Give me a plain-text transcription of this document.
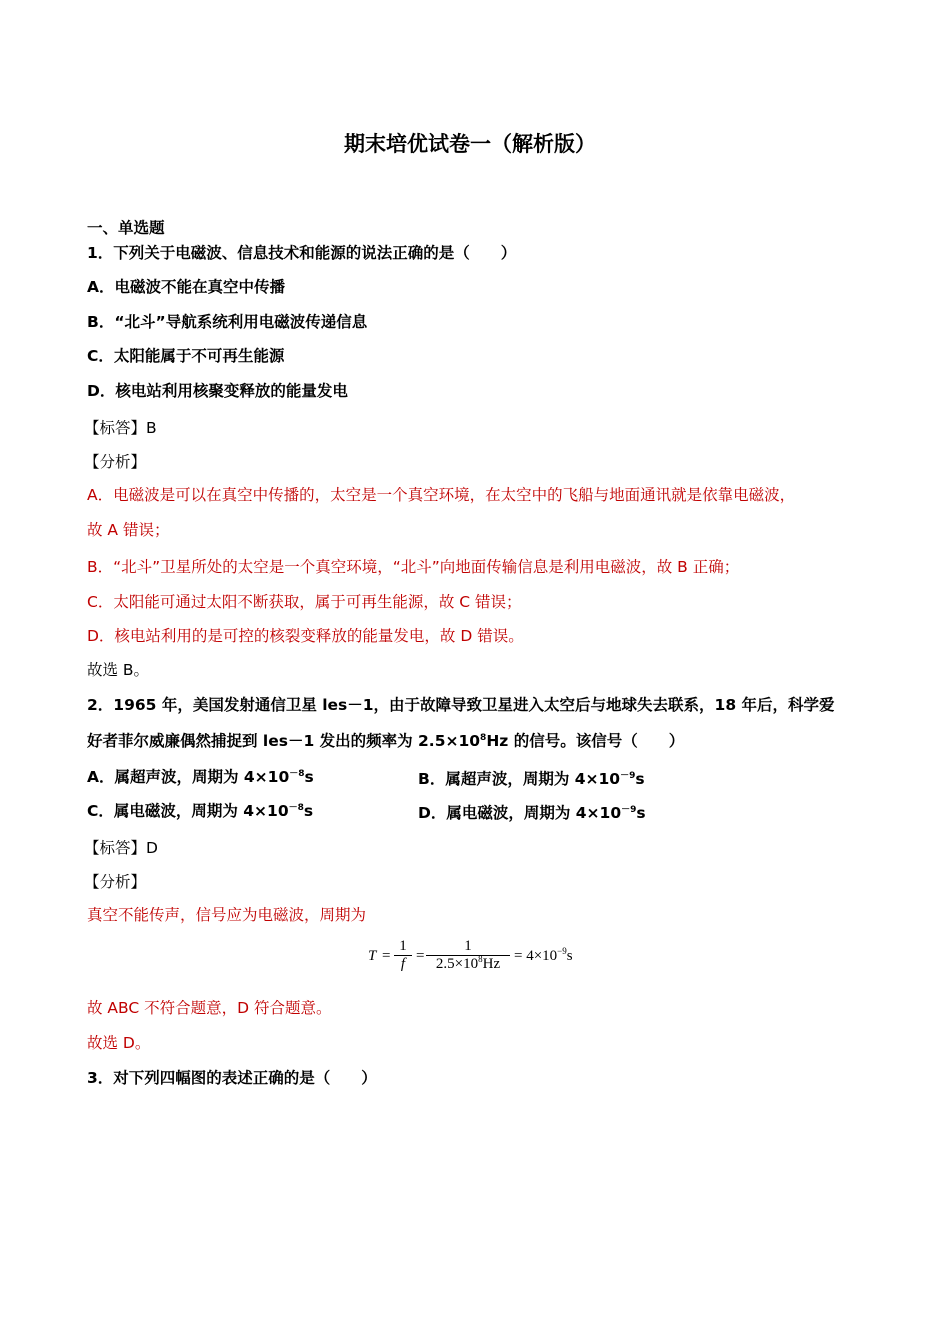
期末培优试卷一（解析版）
一、单选题
1．下列关于电磁波、信息技术和能源的说法正确的是（　　）
A．电磁波不能在真空中传播
B．“北斗”导航系统利用电磁波传递信息
C．太阳能属于不可再生能源
D．核电站利用核聚变释放的能量发电
【标答】B
【分析】
A．电磁波是可以在真空中传播的，太空是一个真空环境，在太空中的飞船与地面通讯就是依靠电磁波，
故 A 错误；
B．“北斗”卫星所处的太空是一个真空环境，“北斗”向地面传输信息是利用电磁波，故 B 正确；
C．太阳能可通过太阳不断获取，属于可再生能源，故 C 错误；
D．核电站利用的是可控的核裂变释放的能量发电，故 D 错误。
故选 B。
2．1965 年，美国发射通信卫星 les－1，由于故障导致卫星进入太空后与地球失去联系，18 年后，科学爱
好者菲尔威廉偶然捕捉到 les－1 发出的频率为 $2.5\times 10^8Hz$ 的信号。该信号（　　）
A．属超声波，周期为 $4\times 10^{-8}s$	B．属超声波，周期为 $4\times 10^{-9}s$
C．属电磁波，周期为 $4\times 10^{-8}s$	D．属电磁波，周期为 $4\times 10^{-9}s$
【标答】D
【分析】
真空不能传声，信号应为电磁波，周期为
$T = \frac{1}{f} = \frac{1}{2.5\times 10^8Hz} = 4\times 10^{-9}s$
故 ABC 不符合题意，D 符合题意。
故选 D。
3．对下列四幅图的表述正确的是（　　）
